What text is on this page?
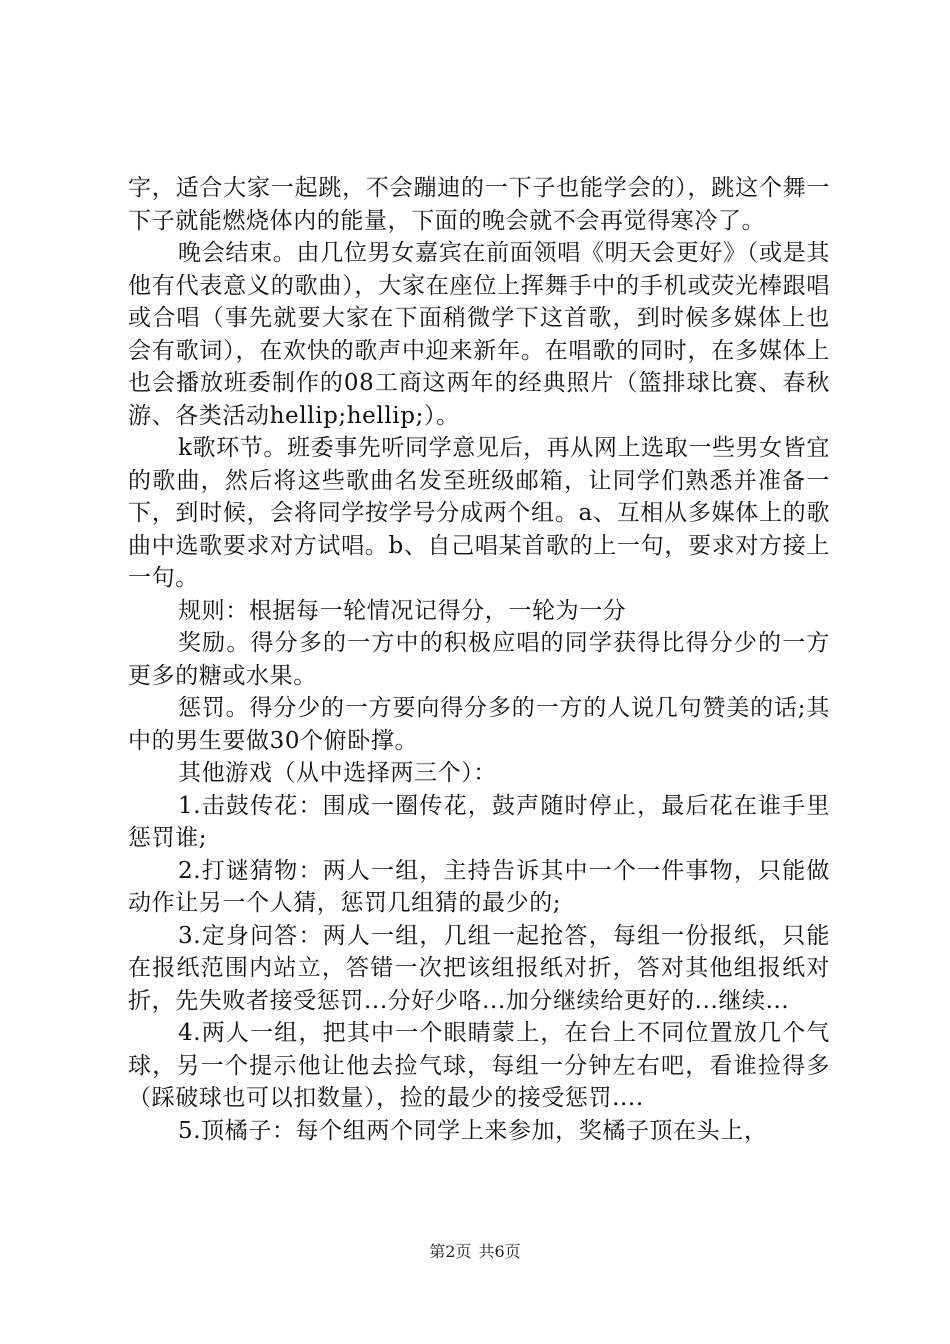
字，适合大家一起跳，不会蹦迪的一下子也能学会的），跳这个舞一下子就能燃烧体内的能量，下面的晚会就不会再觉得寒冷了。

晚会结束。由几位男女嘉宾在前面领唱《明天会更好》（或是其他有代表意义的歌曲），大家在座位上挥舞手中的手机或荧光棒跟唱或合唱（事先就要大家在下面稍微学下这首歌，到时候多媒体上也会有歌词），在欢快的歌声中迎来新年。在唱歌的同时，在多媒体上也会播放班委制作的08工商这两年的经典照片（篮排球比赛、春秋游、各类活动hellip;hellip;）。

k歌环节。班委事先听同学意见后，再从网上选取一些男女皆宜的歌曲，然后将这些歌曲名发至班级邮箱，让同学们熟悉并准备一下，到时候，会将同学按学号分成两个组。a、互相从多媒体上的歌曲中选歌要求对方试唱。b、自己唱某首歌的上一句，要求对方接上一句。

规则：根据每一轮情况记得分，一轮为一分

奖励。得分多的一方中的积极应唱的同学获得比得分少的一方更多的糖或水果。

惩罚。得分少的一方要向得分多的一方的人说几句赞美的话;其中的男生要做30个俯卧撑。

其他游戏（从中选择两三个）：

1.击鼓传花：围成一圈传花，鼓声随时停止，最后花在谁手里惩罚谁;

2.打谜猜物：两人一组，主持告诉其中一个一件事物，只能做动作让另一个人猜，惩罚几组猜的最少的;

3.定身问答：两人一组，几组一起抢答，每组一份报纸，只能在报纸范围内站立，答错一次把该组报纸对折，答对其他组报纸对折，先失败者接受惩罚...分好少咯...加分继续给更好的...继续...

4.两人一组，把其中一个眼睛蒙上，在台上不同位置放几个气球，另一个提示他让他去捡气球，每组一分钟左右吧，看谁捡得多（踩破球也可以扣数量），捡的最少的接受惩罚....

5.顶橘子：每个组两个同学上来参加，奖橘子顶在头上，

第2页 共6页
